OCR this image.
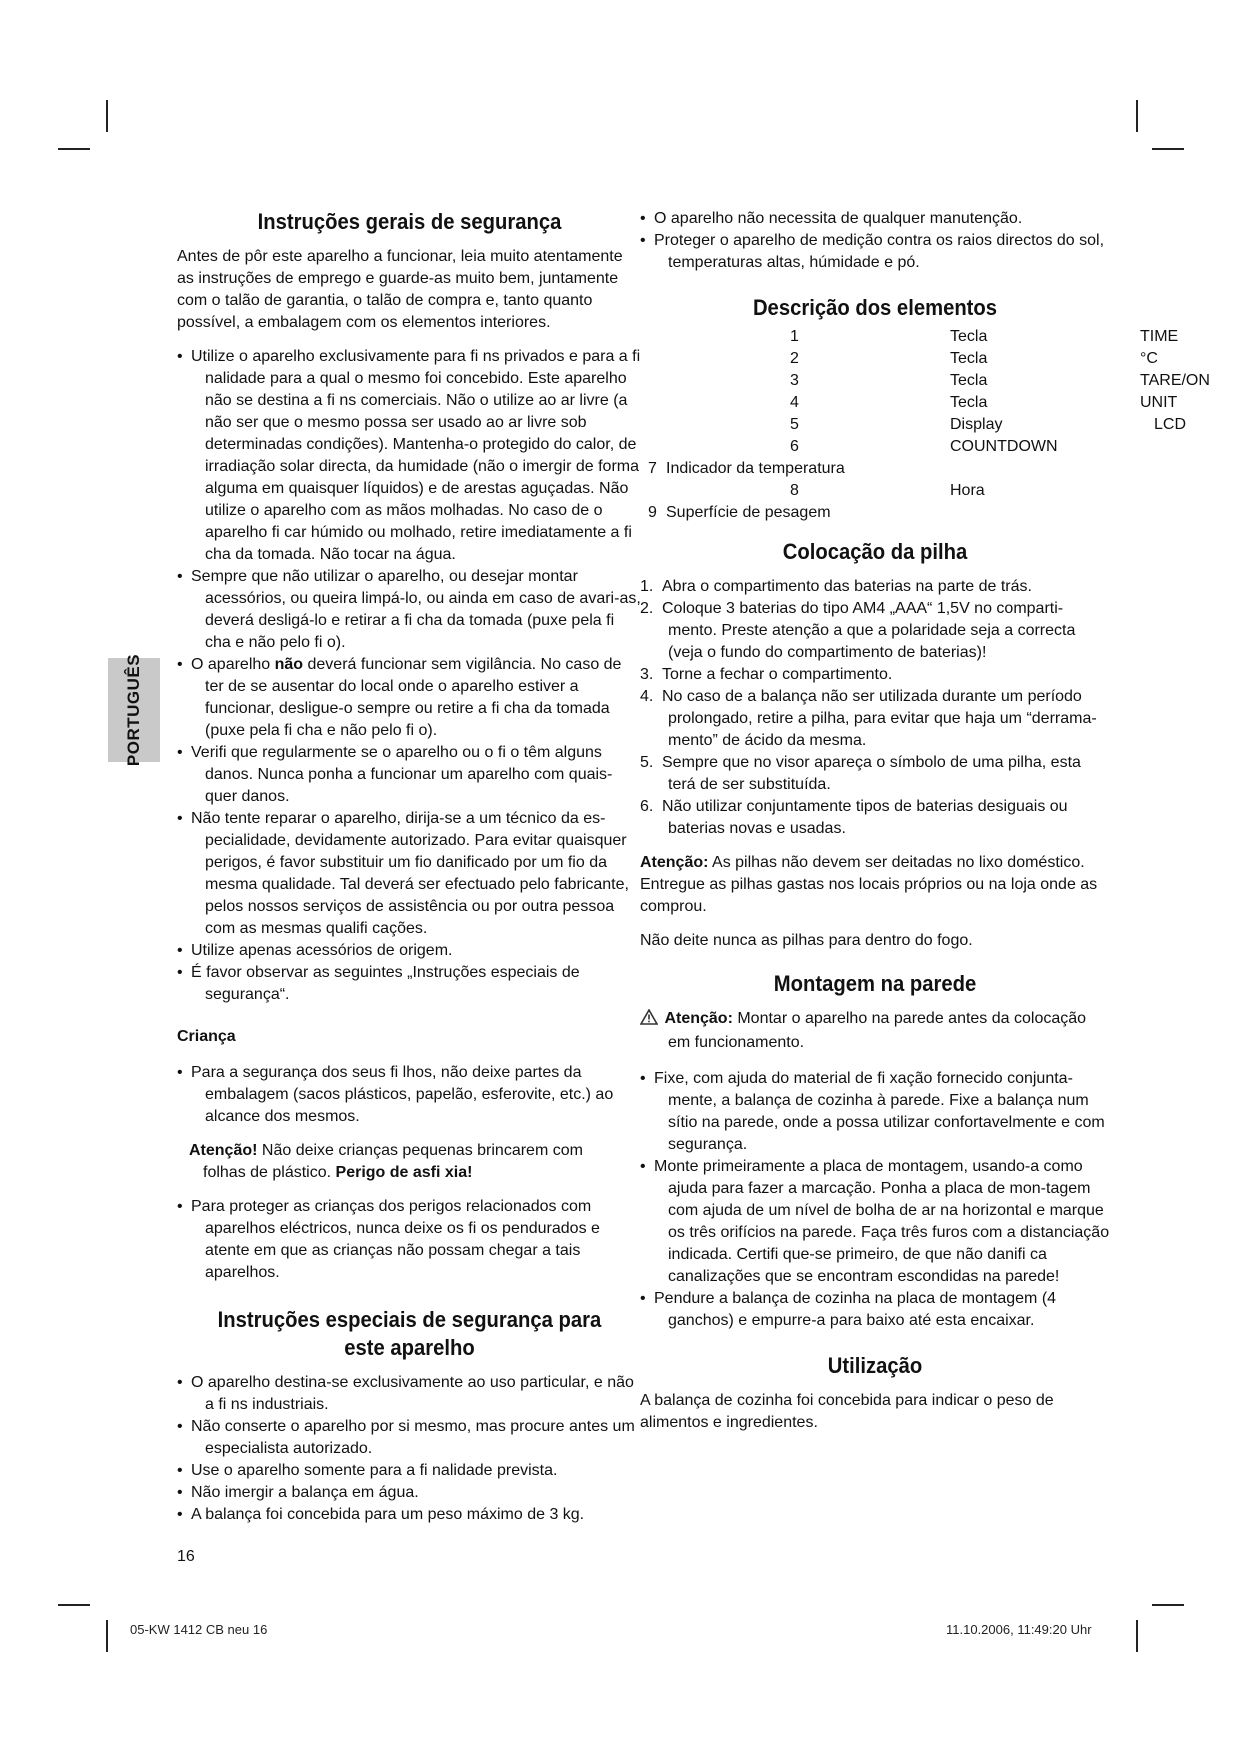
PORTUGUÊS
Instruções gerais de segurança

Antes de pôr este aparelho a funcionar, leia muito atentamente as instruções de emprego e guarde-as muito bem, juntamente com o talão de garantia, o talão de compra e, tanto quanto possível, a embalagem com os elementos interiores.

• Utilize o aparelho exclusivamente para fi ns privados e para a fi nalidade para a qual o mesmo foi concebido. Este aparelho não se destina a fi ns comerciais. Não o utilize ao ar livre (a não ser que o mesmo possa ser usado ao ar livre sob determinadas condições). Mantenha-o protegido do calor, de irradiação solar directa, da humidade (não o imergir de forma alguma em quaisquer líquidos) e de arestas aguçadas. Não utilize o aparelho com as mãos molhadas. No caso de o aparelho fi car húmido ou molhado, retire imediatamente a fi cha da tomada. Não tocar na água.
• Sempre que não utilizar o aparelho, ou desejar montar acessórios, ou queira limpá-lo, ou ainda em caso de avari-as, deverá desligá-lo e retirar a fi cha da tomada (puxe pela fi cha e não pelo fi o).
• O aparelho não deverá funcionar sem vigilância. No caso de ter de se ausentar do local onde o aparelho estiver a funcionar, desligue-o sempre ou retire a fi cha da tomada (puxe pela fi cha e não pelo fi o).
• Verifi que regularmente se o aparelho ou o fi o têm alguns danos. Nunca ponha a funcionar um aparelho com quais-quer danos.
• Não tente reparar o aparelho, dirija-se a um técnico da es-pecialidade, devidamente autorizado. Para evitar quaisquer perigos, é favor substituir um fio danificado por um fio da mesma qualidade. Tal deverá ser efectuado pelo fabricante, pelos nossos serviços de assistência ou por outra pessoa com as mesmas qualifi cações.
• Utilize apenas acessórios de origem.
• É favor observar as seguintes „Instruções especiais de segurança“.
Criança
• Para a segurança dos seus fi lhos, não deixe partes da embalagem (sacos plásticos, papelão, esferovite, etc.) ao alcance dos mesmos.

Atenção! Não deixe crianças pequenas brincarem com
folhas de plástico. Perigo de asfi xia!

• Para proteger as crianças dos perigos relacionados com aparelhos eléctricos, nunca deixe os fi os pendurados e atente em que as crianças não possam chegar a tais aparelhos.
Instruções especiais de segurança para este aparelho
• O aparelho destina-se exclusivamente ao uso particular, e não a fi ns industriais.
• Não conserte o aparelho por si mesmo, mas procure antes um especialista autorizado.
• Use o aparelho somente para a fi nalidade prevista.
• Não imergir a balança em água.
• A balança foi concebida para um peso máximo de 3 kg.
• O aparelho não necessita de qualquer manutenção.
• Proteger o aparelho de medição contra os raios directos do sol, temperaturas altas, húmidade e pó.
Descrição dos elementos
1	Tecla	TIME
2	Tecla	°C
3	Tecla	TARE/ON
4	Tecla	UNIT
5	Display	LCD
6	COUNTDOWN
7 Indicador da temperatura
8	Hora
9 Superfície de pesagem
Colocação da pilha
1. Abra o compartimento das baterias na parte de trás.
2. Coloque 3 baterias do tipo AM4 „AAA“ 1,5V no comparti-mento. Preste atenção a que a polaridade seja a correcta (veja o fundo do compartimento de baterias)!
3. Torne a fechar o compartimento.
4. No caso de a balança não ser utilizada durante um período prolongado, retire a pilha, para evitar que haja um “derrama-mento” de ácido da mesma.
5. Sempre que no visor apareça o símbolo de uma pilha, esta terá de ser substituída.
6. Não utilizar conjuntamente tipos de baterias desiguais ou baterias novas e usadas.

Atenção: As pilhas não devem ser deitadas no lixo doméstico. Entregue as pilhas gastas nos locais próprios ou na loja onde as comprou.

Não deite nunca as pilhas para dentro do fogo.

Montagem na parede

Atenção: Montar o aparelho na parede antes da colocação
em funcionamento.

• Fixe, com ajuda do material de fi xação fornecido conjunta-mente, a balança de cozinha à parede. Fixe a balança num sítio na parede, onde a possa utilizar confortavelmente e com segurança.
• Monte primeiramente a placa de montagem, usando-a como ajuda para fazer a marcação. Ponha a placa de mon-tagem com ajuda de um nível de bolha de ar na horizontal e marque os três orifícios na parede. Faça três furos com a distanciação indicada. Certifi que-se primeiro, de que não danifi ca canalizações que se encontram escondidas na parede!
• Pendure a balança de cozinha na placa de montagem (4 ganchos) e empurre-a para baixo até esta encaixar.
Utilização

A balança de cozinha foi concebida para indicar o peso de alimentos e ingredientes.

16
05-KW 1412 CB neu 16	11.10.2006, 11:49:20 Uhr
